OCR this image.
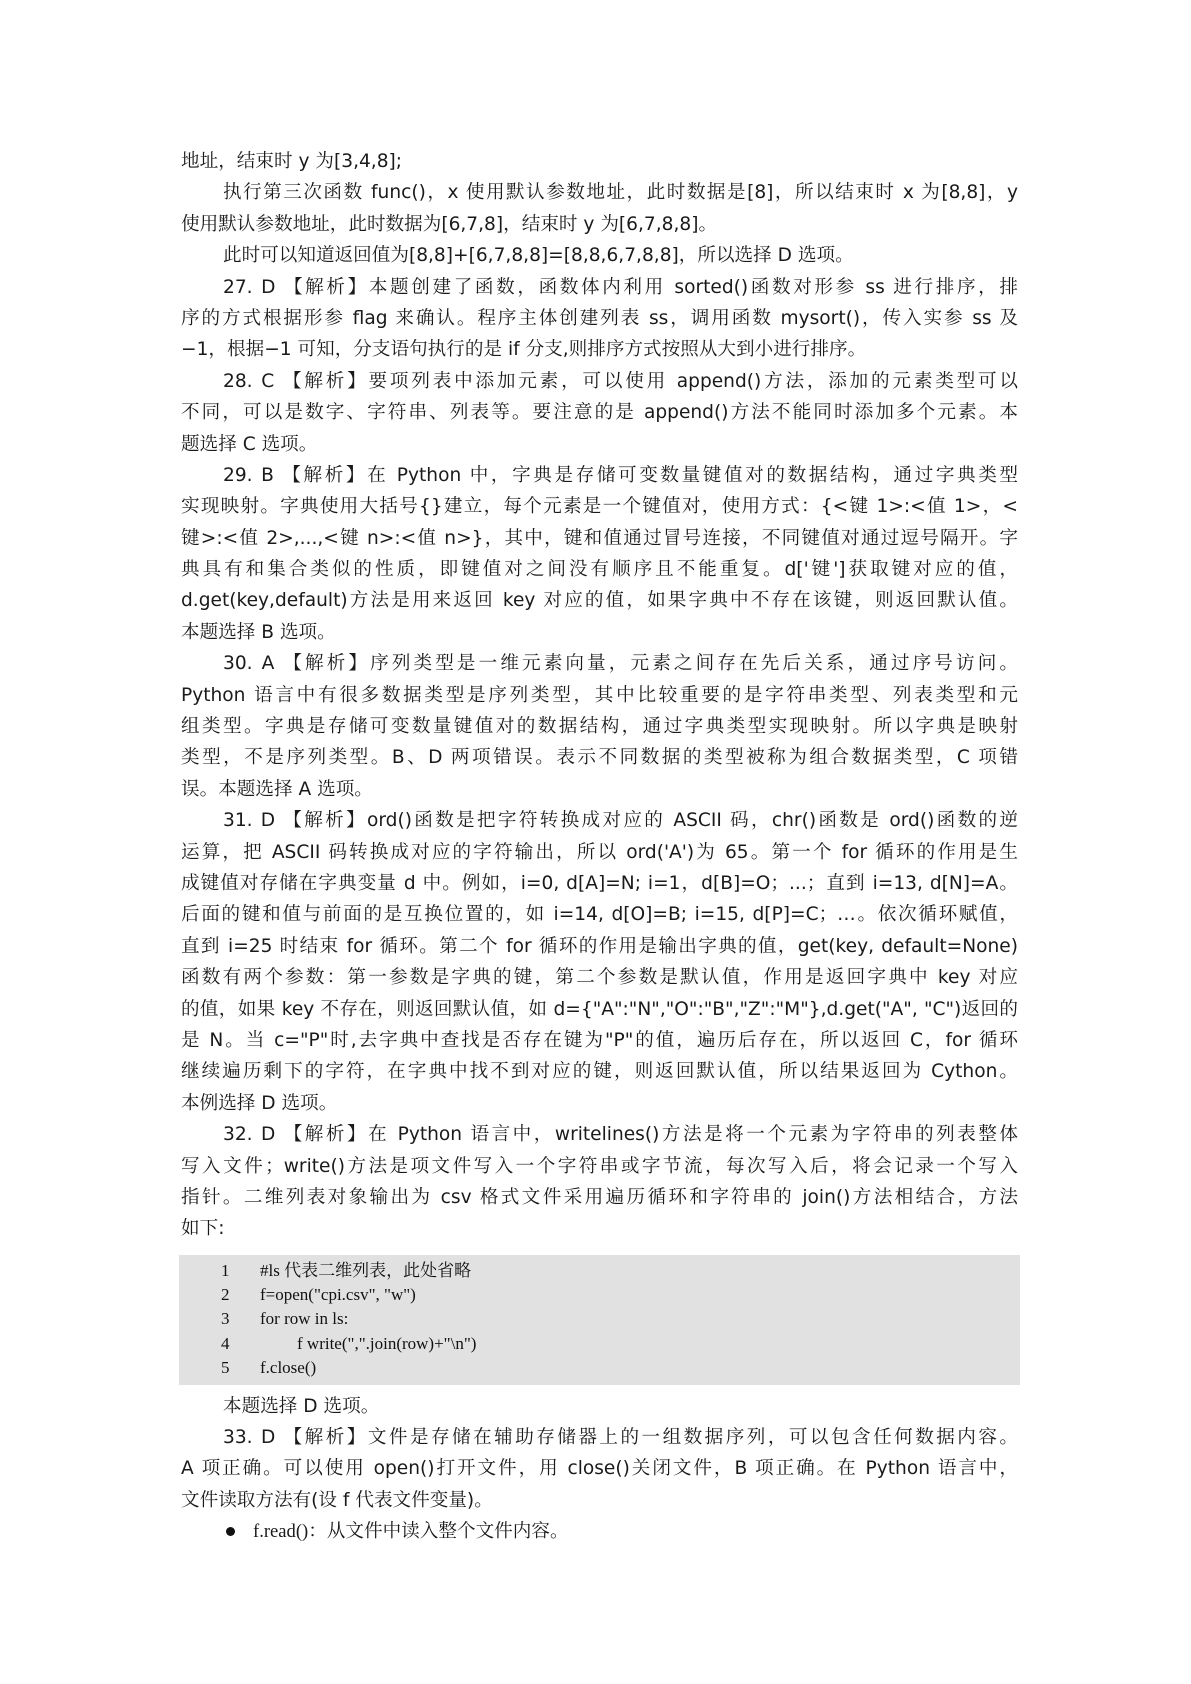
地址，结束时 y 为[3,4,8];
执行第三次函数 func()，x 使用默认参数地址，此时数据是[8]，所以结束时 x 为[8,8]，y
使用默认参数地址，此时数据为[6,7,8]，结束时 y 为[6,7,8,8]。
此时可以知道返回值为[8,8]+[6,7,8,8]=[8,8,6,7,8,8]，所以选择 D 选项。
27. D 【解析】本题创建了函数，函数体内利用 sorted()函数对形参 ss 进行排序，排
序的方式根据形参 flag 来确认。程序主体创建列表 ss，调用函数 mysort()，传入实参 ss 及
−1，根据−1 可知，分支语句执行的是 if 分支,则排序方式按照从大到小进行排序。
28. C 【解析】要项列表中添加元素，可以使用 append()方法，添加的元素类型可以
不同，可以是数字、字符串、列表等。要注意的是 append()方法不能同时添加多个元素。本
题选择 C 选项。
29. B 【解析】在 Python 中，字典是存储可变数量键值对的数据结构，通过字典类型
实现映射。字典使用大括号{}建立，每个元素是一个键值对，使用方式：{<键 1>:<值 1>，<
键>:<值 2>,...,<键 n>:<值 n>}，其中，键和值通过冒号连接，不同键值对通过逗号隔开。字
典具有和集合类似的性质，即键值对之间没有顺序且不能重复。d['键']获取键对应的值，
d.get(key,default)方法是用来返回 key 对应的值，如果字典中不存在该键，则返回默认值。
本题选择 B 选项。
30. A 【解析】序列类型是一维元素向量，元素之间存在先后关系，通过序号访问。
Python 语言中有很多数据类型是序列类型，其中比较重要的是字符串类型、列表类型和元
组类型。字典是存储可变数量键值对的数据结构，通过字典类型实现映射。所以字典是映射
类型，不是序列类型。B、D 两项错误。表示不同数据的类型被称为组合数据类型，C 项错
误。本题选择 A 选项。
31. D 【解析】ord()函数是把字符转换成对应的 ASCII 码，chr()函数是 ord()函数的逆
运算，把 ASCII 码转换成对应的字符输出，所以 ord('A')为 65。第一个 for 循环的作用是生
成键值对存储在字典变量 d 中。例如，i=0, d[A]=N; i=1，d[B]=O；...；直到 i=13, d[N]=A。
后面的键和值与前面的是互换位置的，如 i=14, d[O]=B; i=15, d[P]=C；…。依次循环赋值，
直到 i=25 时结束 for 循环。第二个 for 循环的作用是输出字典的值，get(key, default=None)
函数有两个参数：第一参数是字典的键，第二个参数是默认值，作用是返回字典中 key 对应
的值，如果 key 不存在，则返回默认值，如 d={"A":"N","O":"B","Z":"M"},d.get("A", "C")返回的
是 N。当 c="P"时,去字典中查找是否存在键为"P"的值，遍历后存在，所以返回 C，for 循环
继续遍历剩下的字符，在字典中找不到对应的键，则返回默认值，所以结果返回为 Cython。
本例选择 D 选项。
32. D 【解析】在 Python 语言中，writelines()方法是将一个元素为字符串的列表整体
写入文件；write()方法是项文件写入一个字符串或字节流，每次写入后，将会记录一个写入
指针。二维列表对象输出为 csv 格式文件采用遍历循环和字符串的 join()方法相结合，方法
如下:
1	#ls 代表二维列表，此处省略
2	f=open("cpi.csv", "w")
3	for row in ls:
4	f write(",".join(row)+"\n")
5	f.close()
本题选择 D 选项。
33. D 【解析】文件是存储在辅助存储器上的一组数据序列，可以包含任何数据内容。
A 项正确。可以使用 open()打开文件，用 close()关闭文件，B 项正确。在 Python 语言中，
文件读取方法有(设 f 代表文件变量)。
f.read()：从文件中读入整个文件内容。
